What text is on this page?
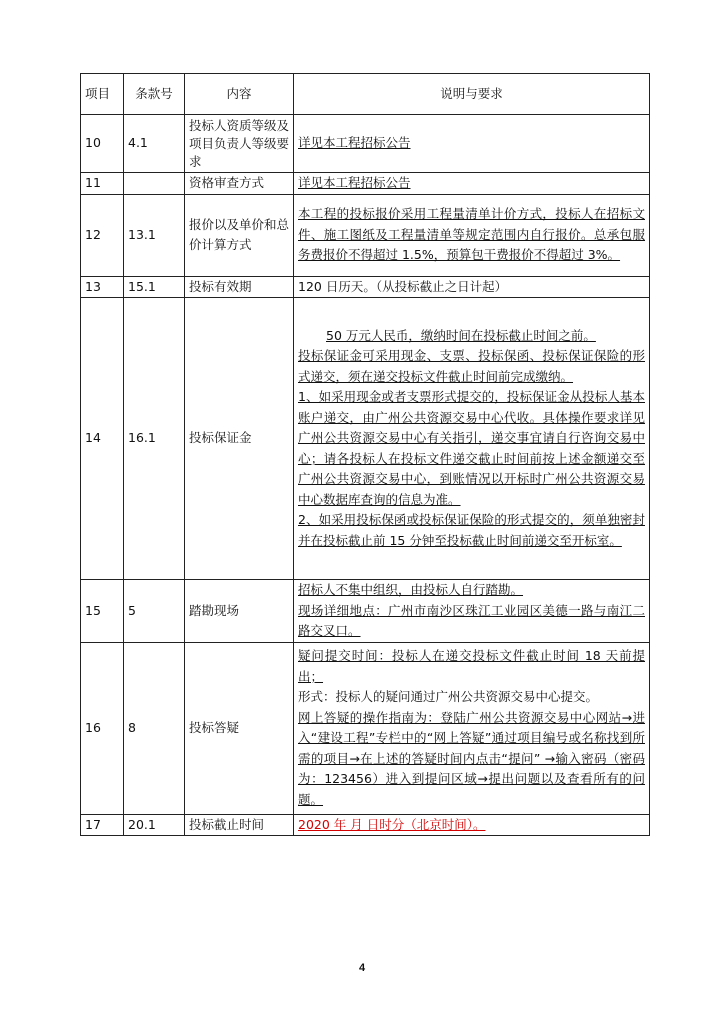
项目	条款号	内容	说明与要求
10	4.1	投标人资质等级及项目负责人等级要求	详见本工程招标公告
11		资格审查方式	详见本工程招标公告
12	13.1	报价以及单价和总价计算方式	本工程的投标报价采用工程量清单计价方式，投标人在招标文件、施工图纸及工程量清单等规定范围内自行报价。总承包服务费报价不得超过 1.5%，预算包干费报价不得超过 3%。
13	15.1	投标有效期	120 日历天。（从投标截止之日计起）
14	16.1	投标保证金	50 万元人民币，缴纳时间在投标截止时间之前。
投标保证金可采用现金、支票、投标保函、投标保证保险的形式递交，须在递交投标文件截止时间前完成缴纳。
1、如采用现金或者支票形式提交的，投标保证金从投标人基本账户递交，由广州公共资源交易中心代收。具体操作要求详见广州公共资源交易中心有关指引，递交事宜请自行咨询交易中心；请各投标人在投标文件递交截止时间前按上述金额递交至广州公共资源交易中心，到账情况以开标时广州公共资源交易中心数据库查询的信息为准。
2、如采用投标保函或投标保证保险的形式提交的，须单独密封并在投标截止前 15 分钟至投标截止时间前递交至开标室。

15	5	踏勘现场	招标人不集中组织，由投标人自行踏勘。
现场详细地点：广州市南沙区珠江工业园区美德一路与南江二路交叉口。

16	8	投标答疑	疑问提交时间：投标人在递交投标文件截止时间 18 天前提出；
形式：投标人的疑问通过广州公共资源交易中心提交。
网上答疑的操作指南为：登陆广州公共资源交易中心网站→进入“建设工程”专栏中的“网上答疑”通过项目编号或名称找到所需的项目→在上述的答疑时间内点击“提问” →输入密码（密码为：123456）进入到提问区域→提出问题以及查看所有的问题。

17	20.1	投标截止时间	2020 年 月 日时分（北京时间）。
4
